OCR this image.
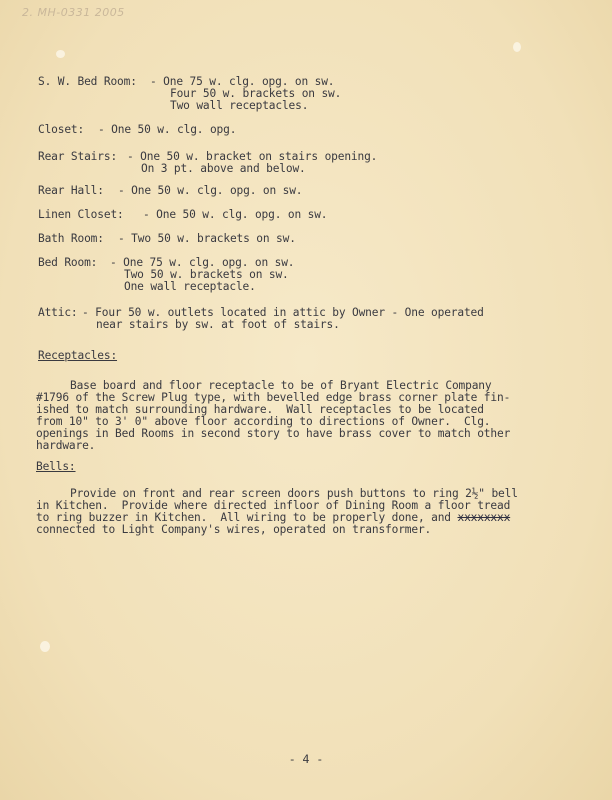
2. MH-0331 2005
S. W. Bed Room: - One 75 w. clg. opg. on sw.
Four 50 w. brackets on sw.
Two wall receptacles.
Closet: - One 50 w. clg. opg.
Rear Stairs: - One 50 w. bracket on stairs opening.
On 3 pt. above and below.
Rear Hall: - One 50 w. clg. opg. on sw.
Linen Closet: - One 50 w. clg. opg. on sw.
Bath Room: - Two 50 w. brackets on sw.
Bed Room: - One 75 w. clg. opg. on sw.
Two 50 w. brackets on sw.
One wall receptacle.
Attic: - Four 50 w. outlets located in attic by Owner - One operated
near stairs by sw. at foot of stairs.
Receptacles:
Base board and floor receptacle to be of Bryant Electric Company
#1796 of the Screw Plug type, with bevelled edge brass corner plate fin-
ished to match surrounding hardware.  Wall receptacles to be located
from 10" to 3' 0" above floor according to directions of Owner.  Clg.
openings in Bed Rooms in second story to have brass cover to match other
hardware.
Bells:
Provide on front and rear screen doors push buttons to ring 2½" bell
in Kitchen.  Provide where directed infloor of Dining Room a floor tread
to ring buzzer in Kitchen.  All wiring to be properly done, and xxxxxxxx
connected to Light Company's wires, operated on transformer.
- 4 -
